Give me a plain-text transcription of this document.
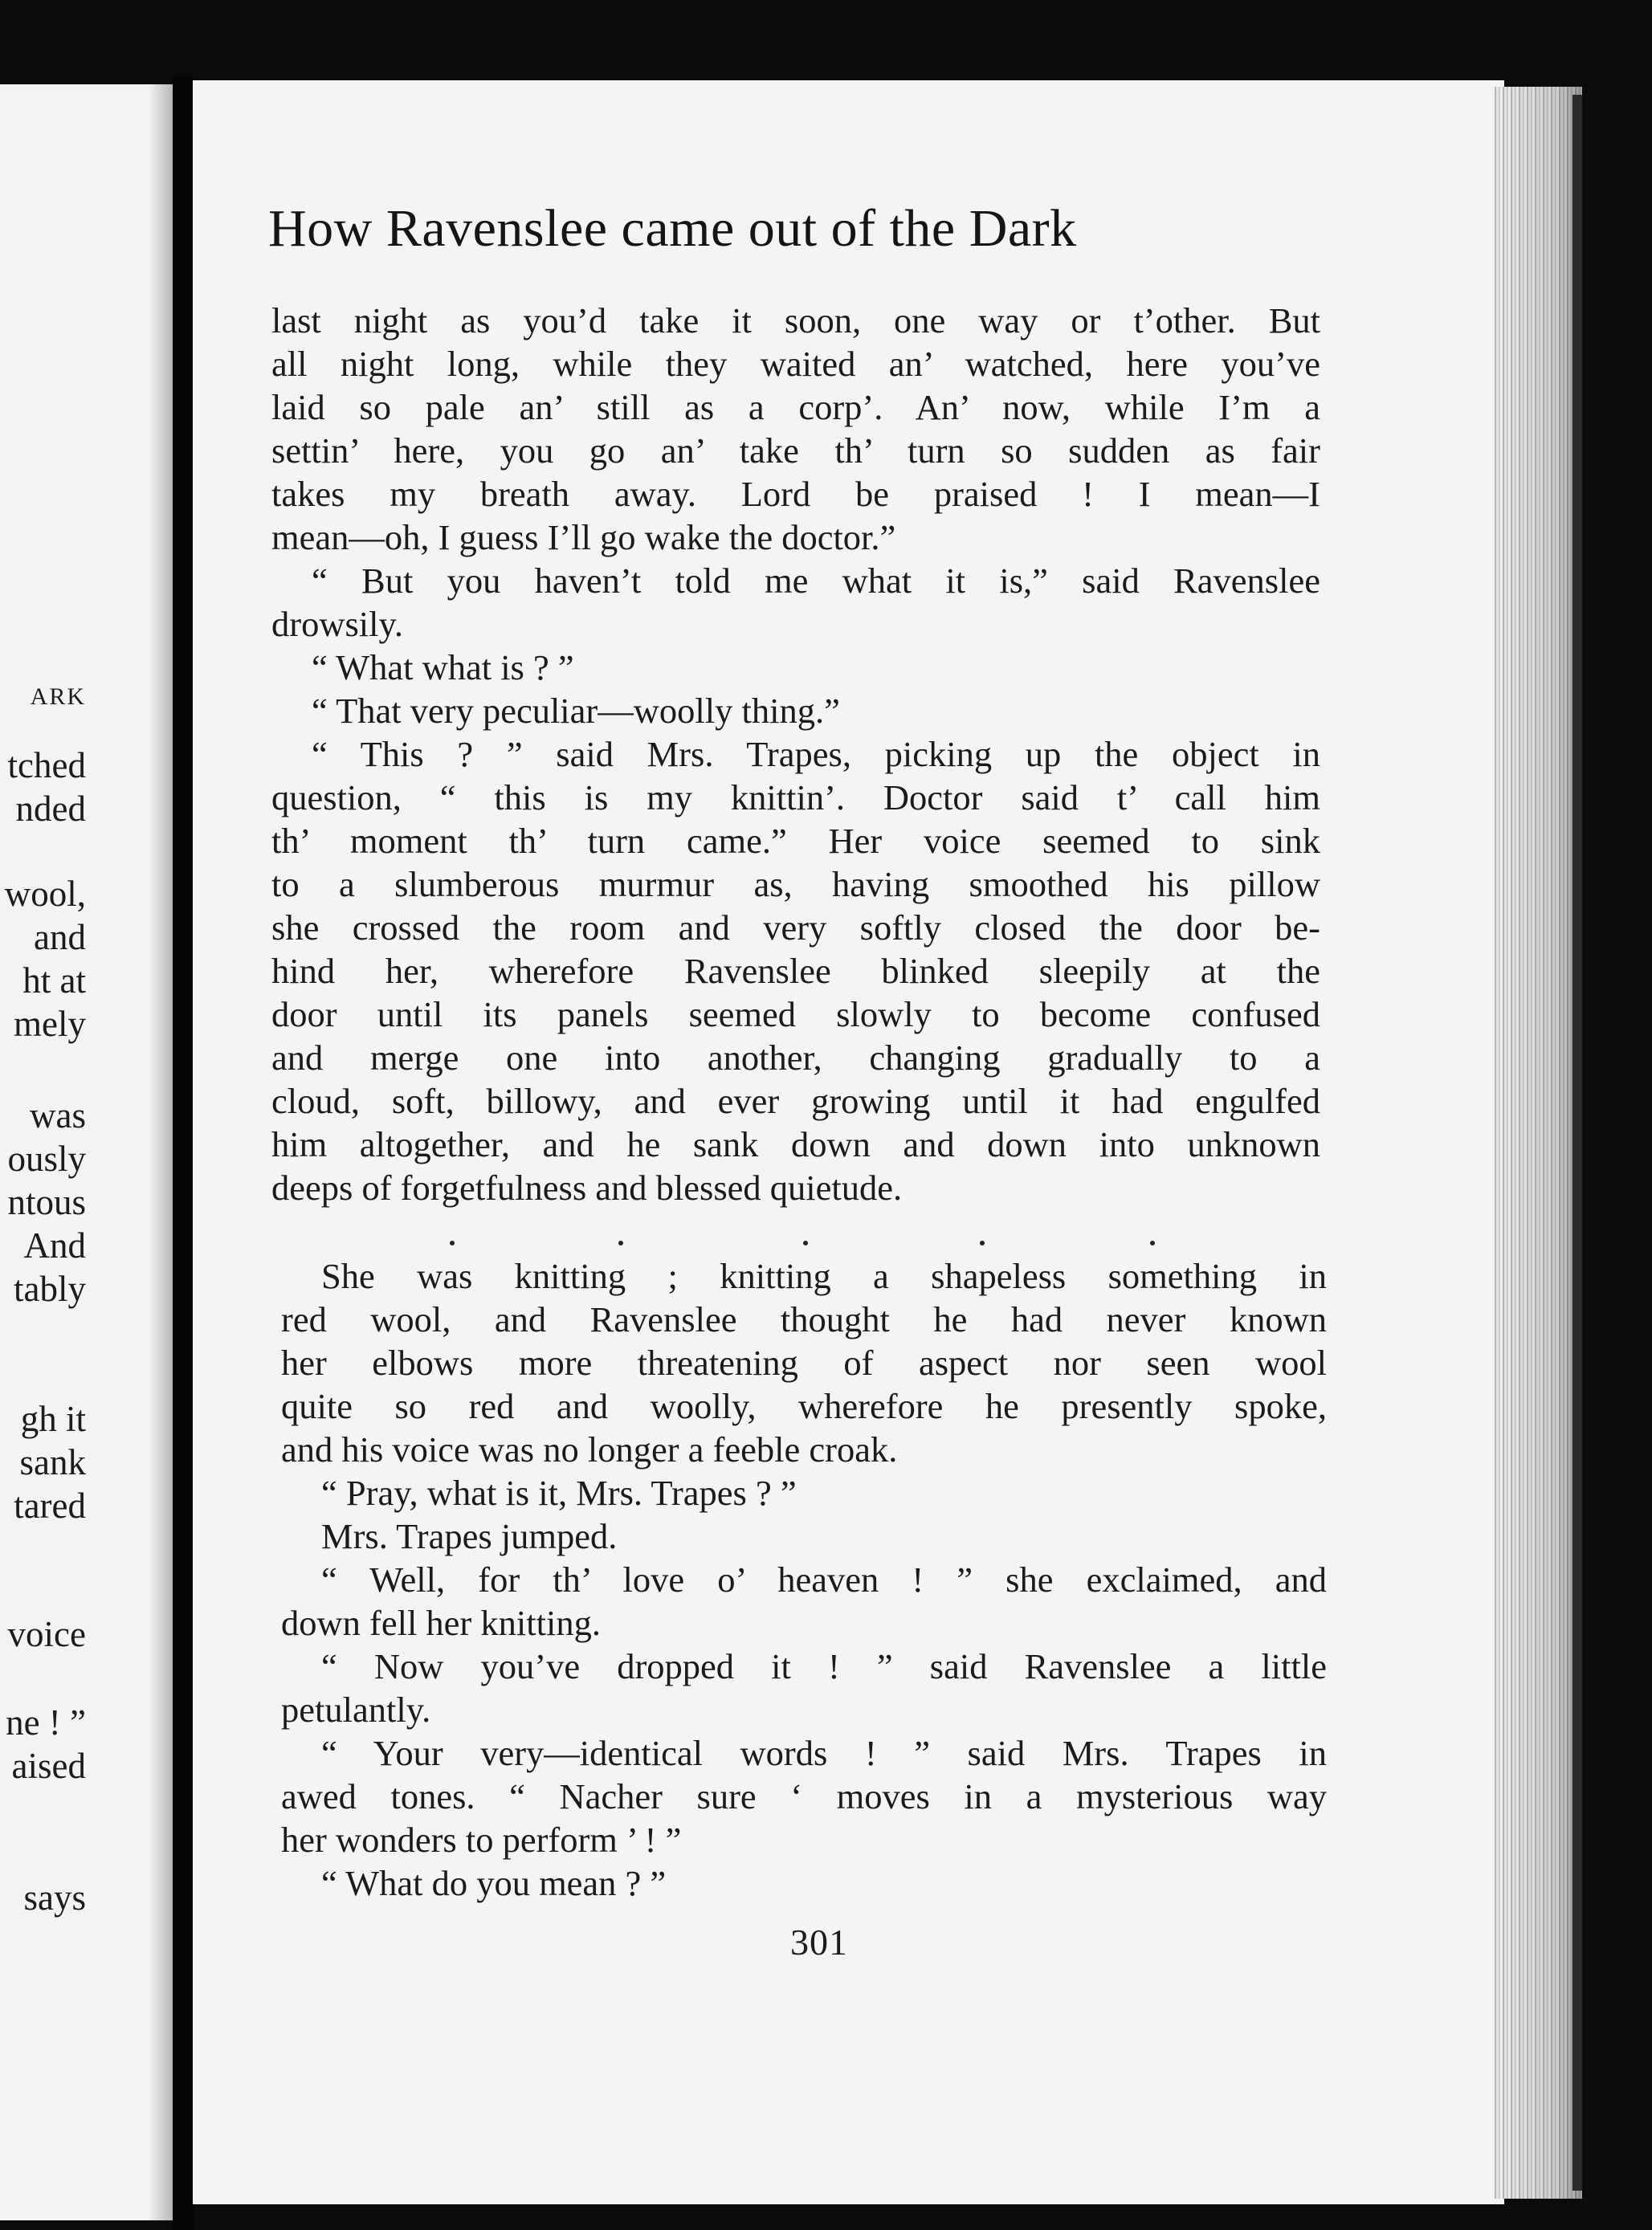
ARK
tched
nded
wool,
and
ht at
mely
was
ously
ntous
And
tably
gh it
sank
tared
voice
ne ! ”
aised
says
How Ravenslee came out of the Dark
last night as you’d take it soon, one way or t’other. But
all night long, while they waited an’ watched, here you’ve
laid so pale an’ still as a corp’. An’ now, while I’m a
settin’ here, you go an’ take th’ turn so sudden as fair
takes my breath away. Lord be praised ! I mean—I
mean—oh, I guess I’ll go wake the doctor.”
“ But you haven’t told me what it is,” said Ravenslee
drowsily.
“ What what is ? ”
“ That very peculiar—woolly thing.”
“ This ? ” said Mrs. Trapes, picking up the object in
question, “ this is my knittin’. Doctor said t’ call him
th’ moment th’ turn came.” Her voice seemed to sink
to a slumberous murmur as, having smoothed his pillow
she crossed the room and very softly closed the door be-
hind her, wherefore Ravenslee blinked sleepily at the
door until its panels seemed slowly to become confused
and merge one into another, changing gradually to a
cloud, soft, billowy, and ever growing until it had engulfed
him altogether, and he sank down and down into unknown
deeps of forgetfulness and blessed quietude.
She was knitting ; knitting a shapeless something in
red wool, and Ravenslee thought he had never known
her elbows more threatening of aspect nor seen wool
quite so red and woolly, wherefore he presently spoke,
and his voice was no longer a feeble croak.
“ Pray, what is it, Mrs. Trapes ? ”
Mrs. Trapes jumped.
“ Well, for th’ love o’ heaven ! ” she exclaimed, and
down fell her knitting.
“ Now you’ve dropped it ! ” said Ravenslee a little
petulantly.
“ Your very—identical words ! ” said Mrs. Trapes in
awed tones. “ Nacher sure ‘ moves in a mysterious way
her wonders to perform ’ ! ”
“ What do you mean ? ”
301
